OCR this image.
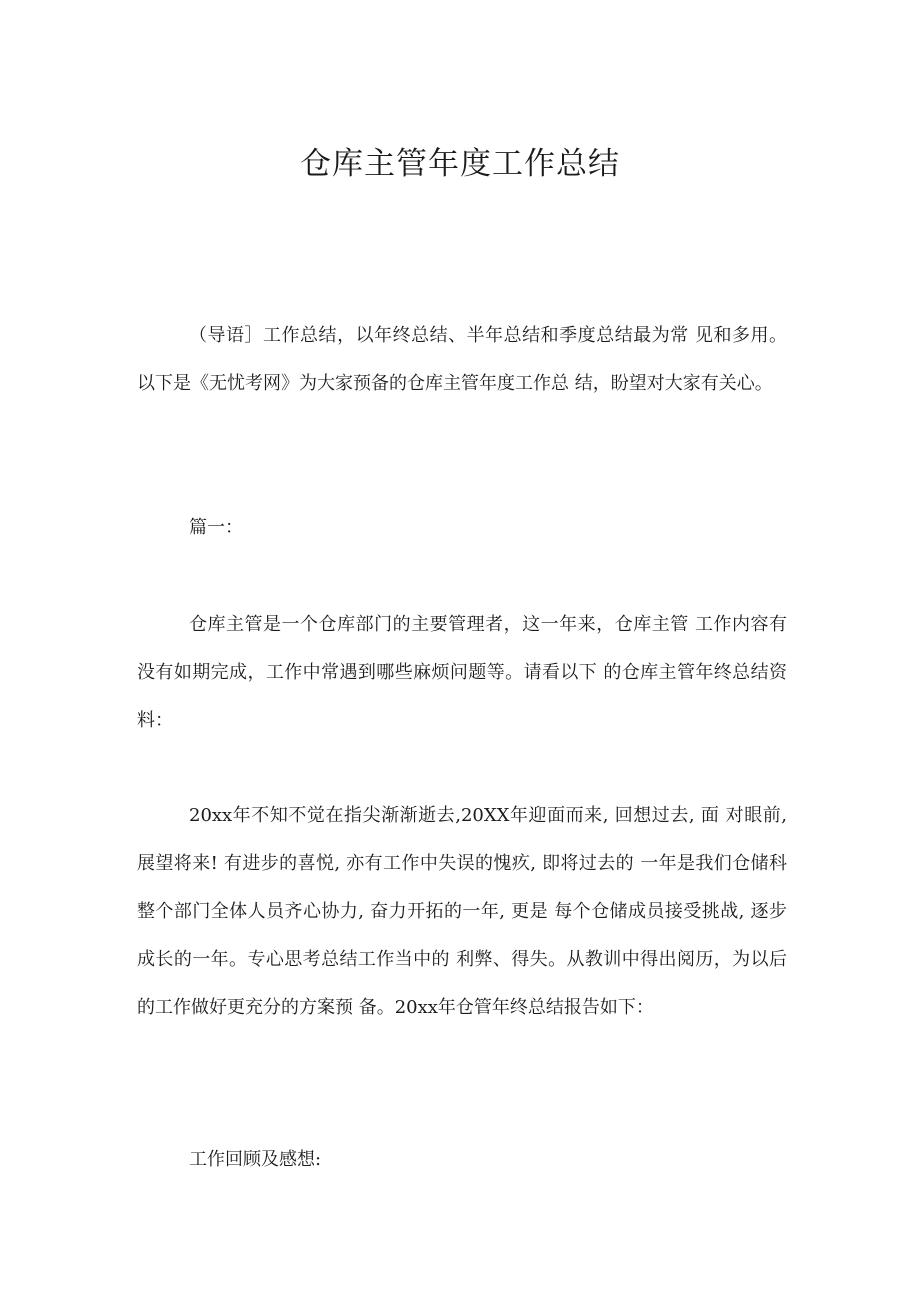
仓库主管年度工作总结

（导语］工作总结，以年终总结、半年总结和季度总结最为常 见和多用。以下是《无忧考网》为大家预备的仓库主管年度工作总 结，盼望对大家有关心。

篇一：

仓库主管是一个仓库部门的主要管理者，这一年来，仓库主管 工作内容有没有如期完成，工作中常遇到哪些麻烦问题等。请看以下 的仓库主管年终总结资料：

20xx年不知不觉在指尖渐渐逝去,20XX年迎面而来, 回想过去, 面 对眼前, 展望将来! 有进步的喜悦, 亦有工作中失误的愧疚, 即将过去的 一年是我们仓储科整个部门全体人员齐心协力, 奋力开拓的一年, 更是 每个仓储成员接受挑战, 逐步成长的一年。专心思考总结工作当中的 利弊、得失。从教训中得出阅历，为以后的工作做好更充分的方案预 备。20xx年仓管年终总结报告如下：

工作回顾及感想:
